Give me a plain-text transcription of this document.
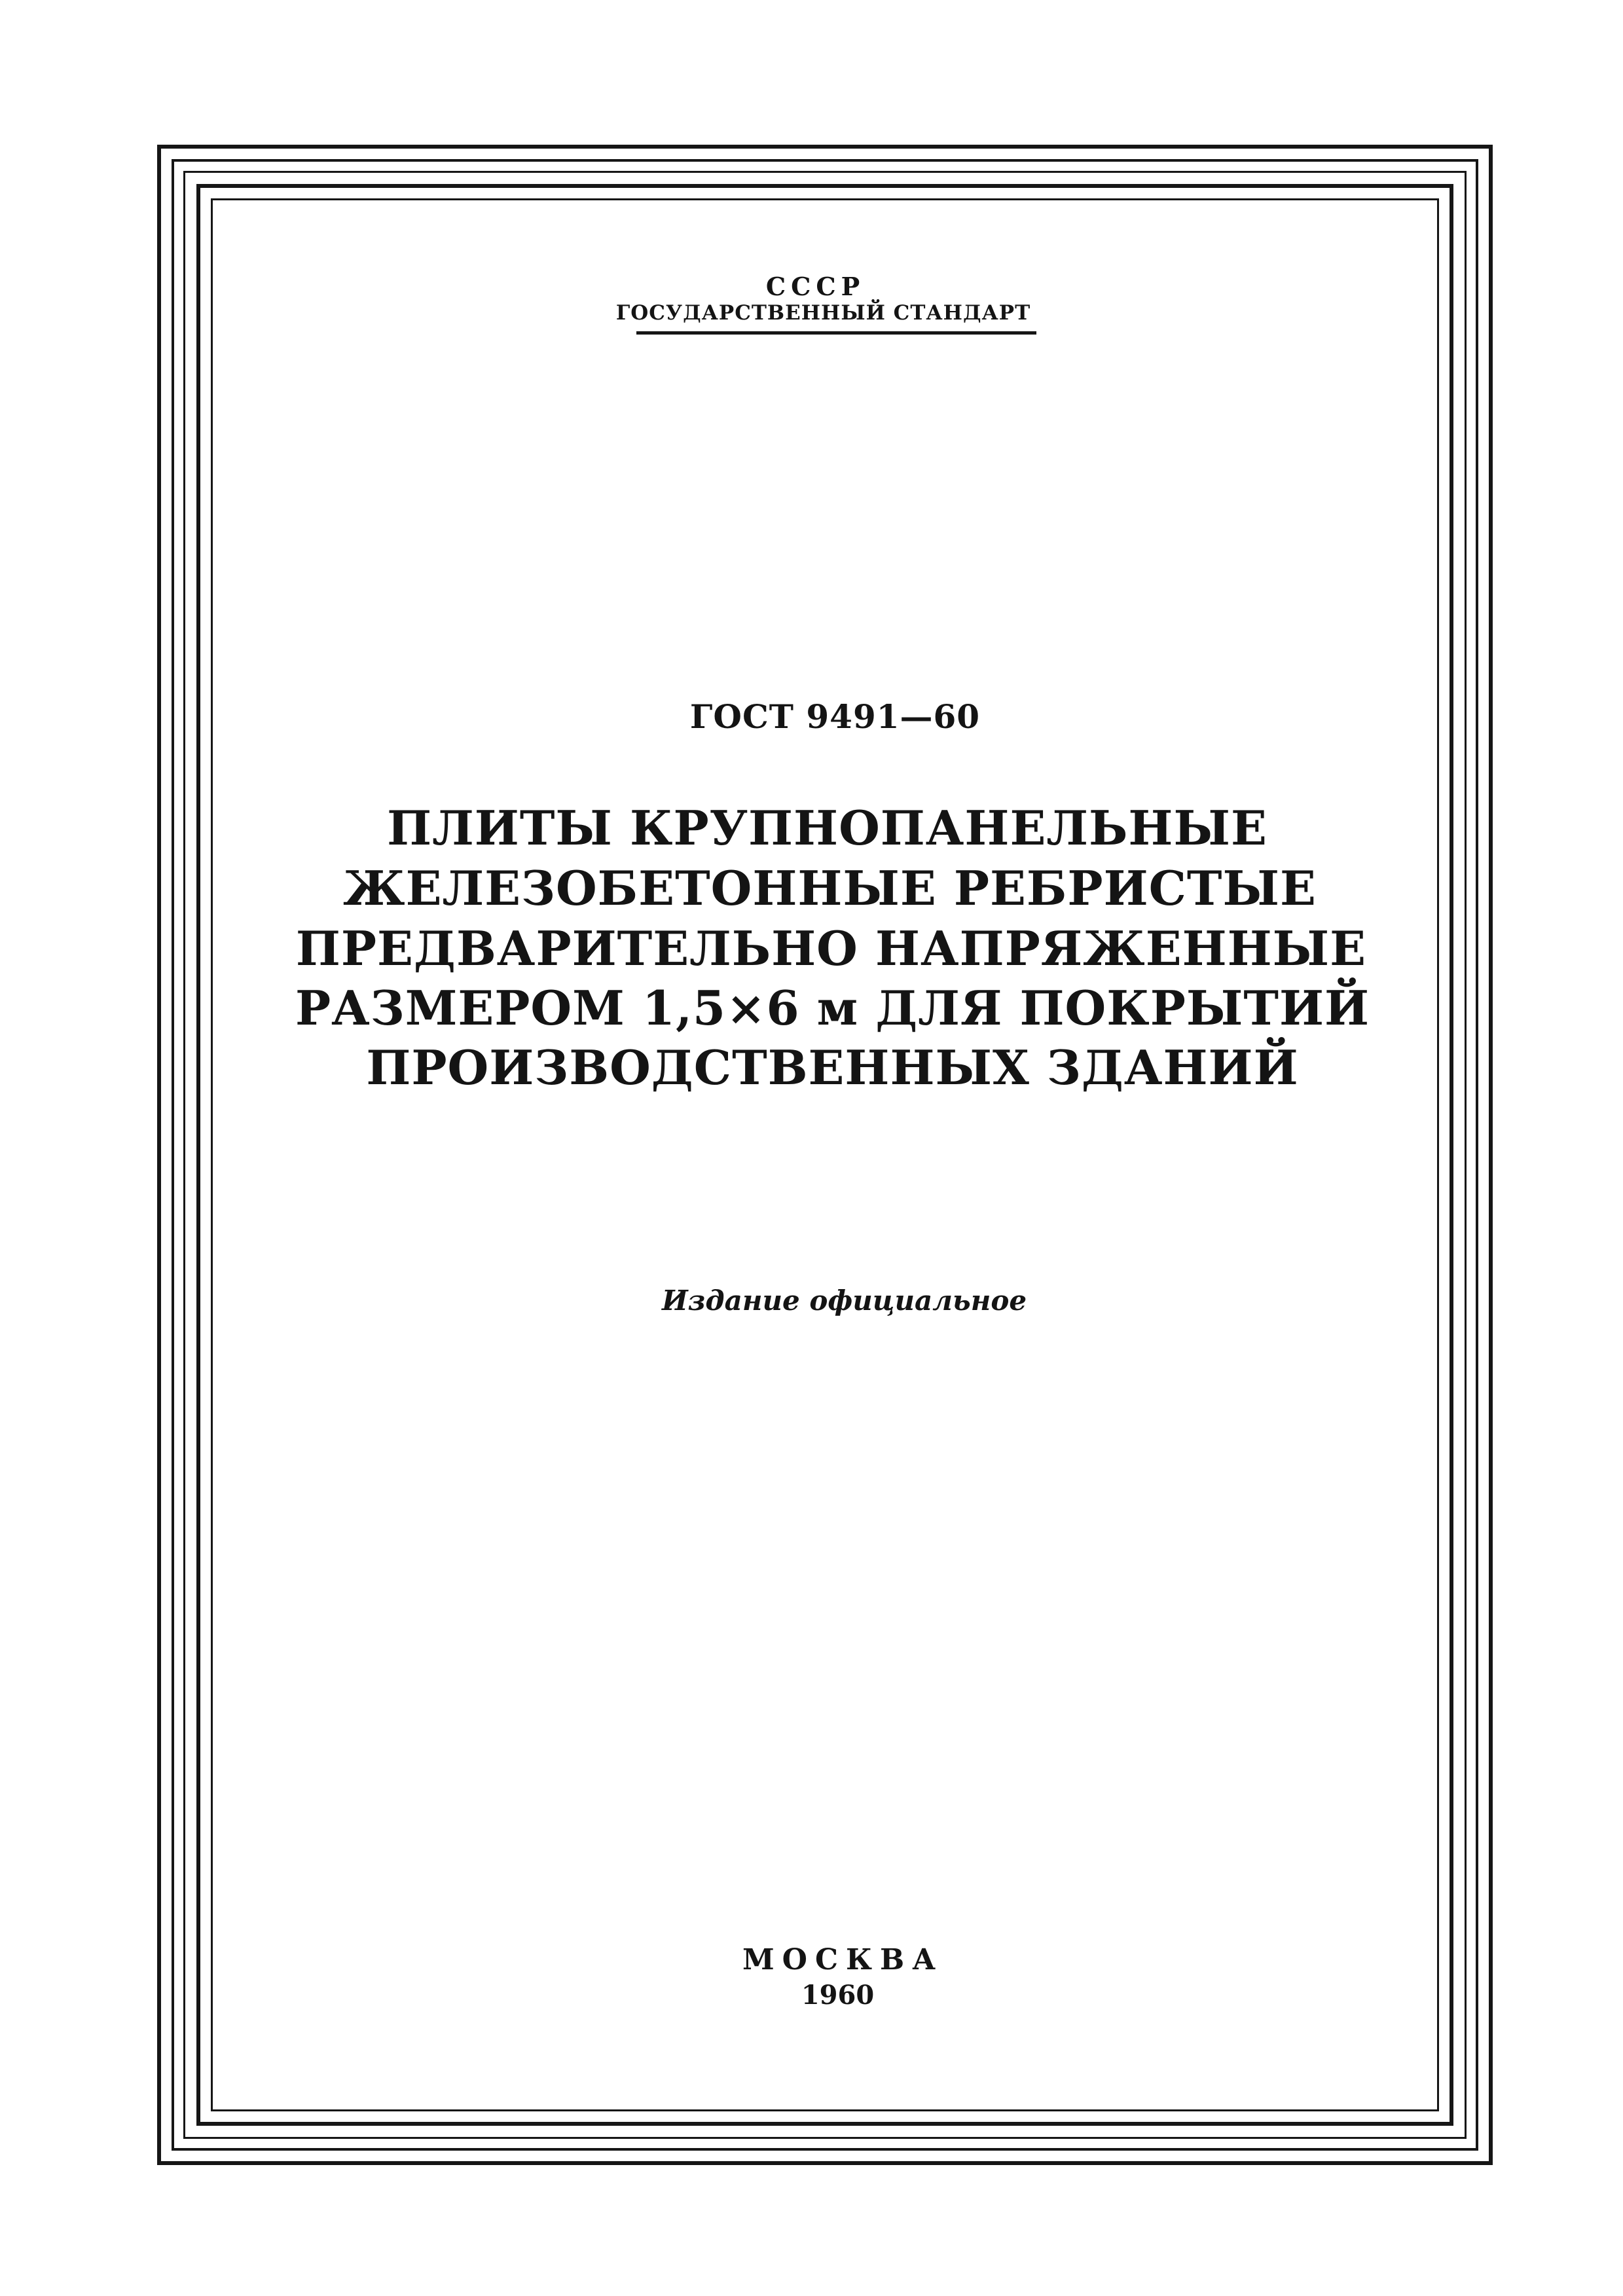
СССР
ГОСУДАРСТВЕННЫЙ СТАНДАРТ
ГОСТ 9491—60
ПЛИТЫ КРУПНОПАНЕЛЬНЫЕ
ЖЕЛЕЗОБЕТОННЫЕ РЕБРИСТЫЕ
ПРЕДВАРИТЕЛЬНО НАПРЯЖЕННЫЕ
РАЗМЕРОМ 1,5×6 м ДЛЯ ПОКРЫТИЙ
ПРОИЗВОДСТВЕННЫХ ЗДАНИЙ
Издание официальное
МОСКВА
1960
